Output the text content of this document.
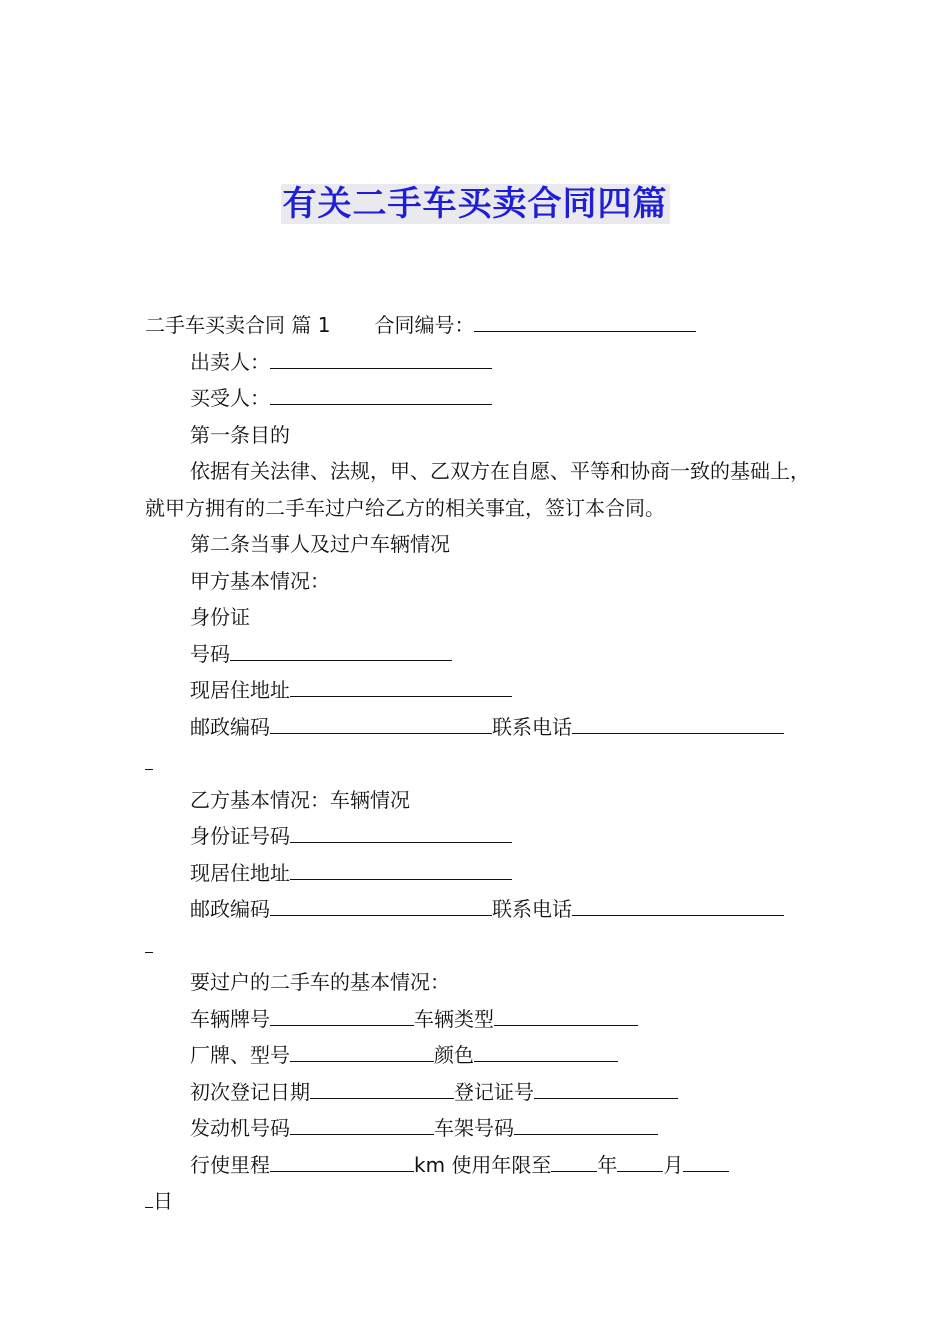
有关二手车买卖合同四篇
二手车买卖合同 篇 1 合同编号：
出卖人：
买受人：
第一条目的
依据有关法律、法规，甲、乙双方在自愿、平等和协商一致的基础上，就甲方拥有的二手车过户给乙方的相关事宜，签订本合同。
第二条当事人及过户车辆情况
甲方基本情况：
身份证
号码
现居住地址
邮政编码	联系电话
乙方基本情况：车辆情况
身份证号码
现居住地址
邮政编码	联系电话
要过户的二手车的基本情况：
车辆牌号	车辆类型
厂牌、型号	颜色
初次登记日期	登记证号
发动机号码	车架号码
行使里程	km 使用年限至 年 月
日
